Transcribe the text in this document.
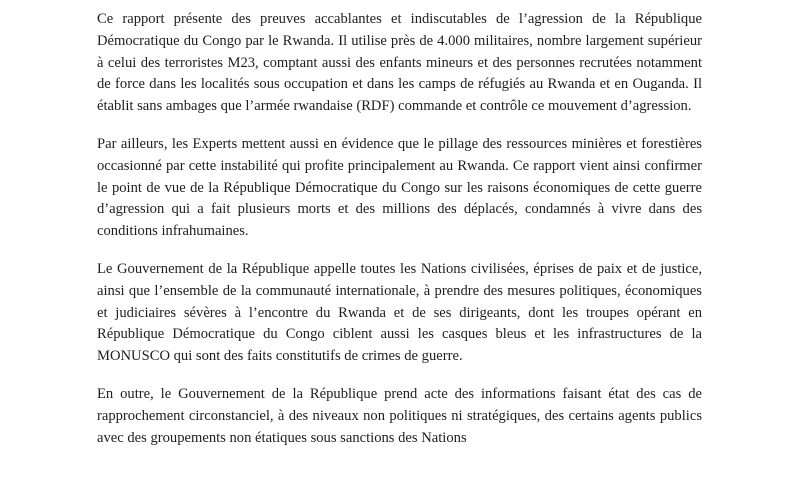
Ce rapport présente des preuves accablantes et indiscutables de l’agression de la République Démocratique du Congo par le Rwanda. Il utilise près de 4.000 militaires, nombre largement supérieur à celui des terroristes M23, comptant aussi des enfants mineurs et des personnes recrutées notamment de force dans les localités sous occupation et dans les camps de réfugiés au Rwanda et en Ouganda. Il établit sans ambages que l’armée rwandaise (RDF) commande et contrôle ce mouvement d’agression.

Par ailleurs, les Experts mettent aussi en évidence que le pillage des ressources minières et forestières occasionné par cette instabilité qui profite principalement au Rwanda. Ce rapport vient ainsi confirmer le point de vue de la République Démocratique du Congo sur les raisons économiques de cette guerre d’agression qui a fait plusieurs morts et des millions des déplacés, condamnés à vivre dans des conditions infrahumaines.

Le Gouvernement de la République appelle toutes les Nations civilisées, éprises de paix et de justice, ainsi que l’ensemble de la communauté internationale, à prendre des mesures politiques, économiques et judiciaires sévères à l’encontre du Rwanda et de ses dirigeants, dont les troupes opérant en République Démocratique du Congo ciblent aussi les casques bleus et les infrastructures de la MONUSCO qui sont des faits constitutifs de crimes de guerre.

En outre, le Gouvernement de la République prend acte des informations faisant état des cas de rapprochement circonstanciel, à des niveaux non politiques ni stratégiques, des certains agents publics avec des groupements non étatiques sous sanctions des Nations
